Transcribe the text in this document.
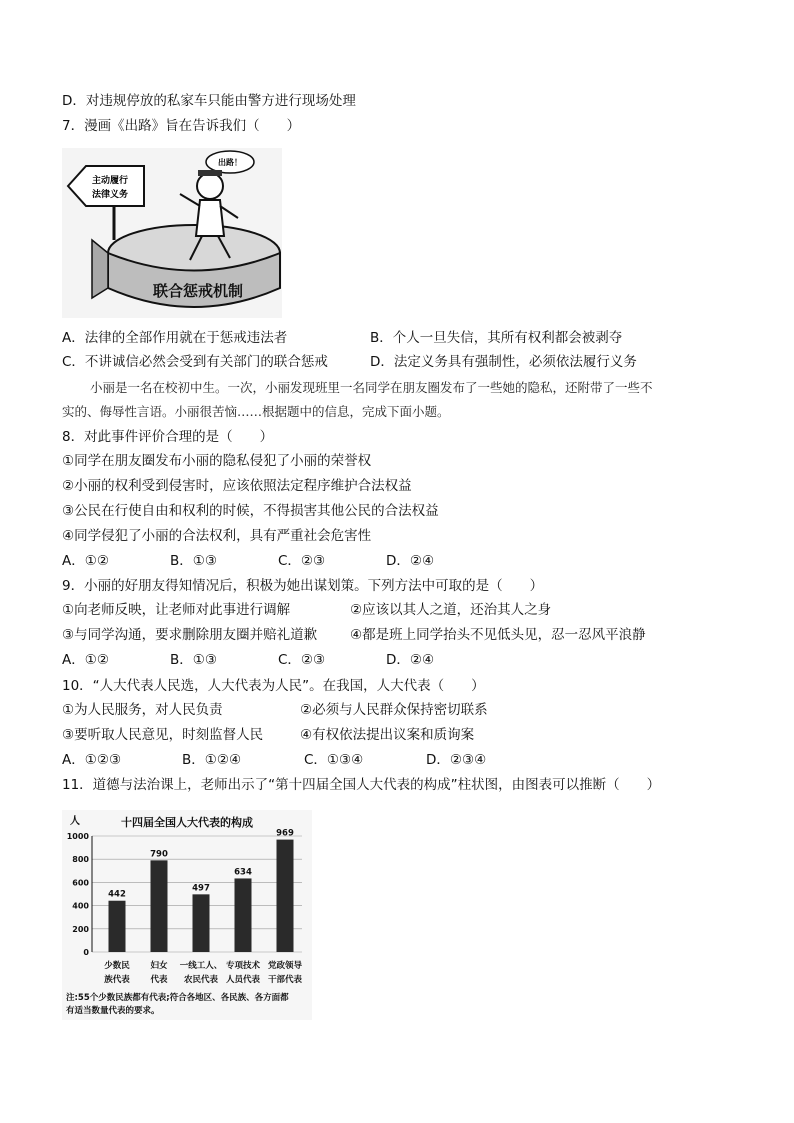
D．对违规停放的私家车只能由警方进行现场处理
7．漫画《出路》旨在告诉我们（　　）
主动履行
法律义务
出路！
联合惩戒机制
A．法律的全部作用就在于惩戒违法者	B．个人一旦失信，其所有权利都会被剥夺
C．不讲诚信必然会受到有关部门的联合惩戒	D．法定义务具有强制性，必须依法履行义务
小丽是一名在校初中生。一次，小丽发现班里一名同学在朋友圈发布了一些她的隐私，还附带了一些不
实的、侮辱性言语。小丽很苦恼……根据题中的信息，完成下面小题。
8．对此事件评价合理的是（　　）
①同学在朋友圈发布小丽的隐私侵犯了小丽的荣誉权
②小丽的权利受到侵害时，应该依照法定程序维护合法权益
③公民在行使自由和权利的时候，不得损害其他公民的合法权益
④同学侵犯了小丽的合法权利，具有严重社会危害性
A．①②	B．①③	C．②③	D．②④
9．小丽的好朋友得知情况后，积极为她出谋划策。下列方法中可取的是（　　）
①向老师反映，让老师对此事进行调解	②应该以其人之道，还治其人之身
③与同学沟通，要求删除朋友圈并赔礼道歉 ④都是班上同学抬头不见低头见，忍一忍风平浪静
A．①②	B．①③	C．②③	D．②④
10．“人大代表人民选，人大代表为人民”。在我国，人大代表（　　）
①为人民服务，对人民负责	②必须与人民群众保持密切联系
③要听取人民意见，时刻监督人民	④有权依法提出议案和质询案
A．①②③	B．①②④	C．①③④	D．②③④
11．道德与法治课上，老师出示了“第十四届全国人大代表的构成”柱状图，由图表可以推断（　　）
十四届全国人大代表的构成
人
0
200
400
600
800
1000
442
790
497
634
969
少数民
族代表
妇女
代表
一线工人、
农民代表
专项技术
人员代表
党政领导
干部代表
注:55个少数民族都有代表;符合各地区、各民族、各方面都
有适当数量代表的要求。
